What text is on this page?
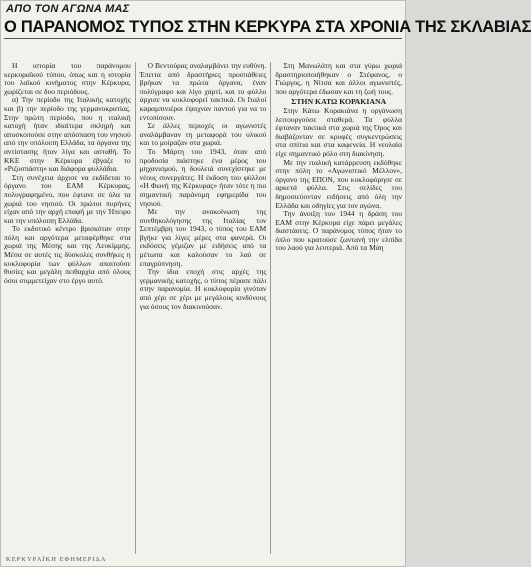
ΑΠΟ ΤΟΝ ΑΓΩΝΑ ΜΑΣ
Ο ΠΑΡΑΝΟΜΟΣ ΤΥΠΟΣ ΣΤΗΝ ΚΕΡΚΥΡΑ ΣΤΑ ΧΡΟΝΙΑ ΤΗΣ ΣΚΛΑΒΙΑΣ

Η ιστορία του παράνομου κερκυραϊκού τύπου, όπως και η ιστορία του λαϊκού κινήματος στην Κέρκυρα, χωρίζεται σε δυο περιόδους.

α) Την περίοδο της Ιταλικής κατοχής και β) την περίοδο της γερμανοκρατίας. Στην πρώτη περίοδο, που η ιταλική κατοχή ήταν ιδιαίτερα σκληρή και αποσκοπούσε στην απόσπαση του νησιού από την υπόλοιπη Ελλάδα, τα όργανα της αντίστασης ήταν λίγα και ασταθή. Το ΚΚΕ στην Κέρκυρα έβγαζε το «Ριζοσπάστη» και διάφορα φυλλάδια.

Στη συνέχεια άρχισε να εκδίδεται το όργανο του ΕΑΜ Κέρκυρας, πολυγραφημένο, που έφτανε σε όλα τα χωριά του νησιού. Οι πρώτοι πυρήνες είχαν από την αρχή επαφή με την Ήπειρο και την υπόλοιπη Ελλάδα.

Το εκδοτικό κέντρο βρισκόταν στην πόλη και αργότερα μεταφέρθηκε στα χωριά της Μέσης και της Λευκίμμης. Μέσα σε αυτές τις δύσκολες συνθήκες η κυκλοφορία των φύλλων απαιτούσε θυσίες και μεγάλη πειθαρχία από όλους όσοι συμμετείχαν στο έργο αυτό.

Ο Βεντούρας αναλαμβάνει την ευθύνη. Έπειτα από δραστήριες προσπάθειες βρήκαν τα πρώτα όργανα, έναν πολύγραφο και λίγο χαρτί, και το φύλλο άρχισε να κυκλοφορεί τακτικά. Οι Ιταλοί καραμπινιέροι έψαχναν παντού για να το εντοπίσουν.

Σε άλλες περιοχές οι αγωνιστές αναλάμβαναν τη μεταφορά του υλικού και το μοίραζαν στα χωριά.

Το Μάρτη του 1943, όταν από προδοσία πιάστηκε ένα μέρος του μηχανισμού, η δουλειά συνεχίστηκε με νέους συνεργάτες. Η έκδοση του φύλλου «Η Φωνή της Κέρκυρας» ήταν τότε η πιο σημαντική παράνομη εφημερίδα του νησιού.

Με την ανακοίνωση της συνθηκολόγησης της Ιταλίας τον Σεπτέμβρη του 1943, ο τύπος του ΕΑΜ βγήκε για λίγες μέρες στα φανερά. Οι εκδόσεις γέμιζαν με ειδήσεις από τα μέτωπα και καλούσαν το λαό σε επαγρύπνηση.

Την ίδια εποχή στις αρχές της γερμανικής κατοχής, ο τύπος πέρασε πάλι στην παρανομία. Η κυκλοφορία γινόταν από χέρι σε χέρι με μεγάλους κινδύνους για όσους τον διακινούσαν.

Στη Μανωλάτη και στα γύρω χωριά δραστηριοποιήθηκαν ο Στέφανος, ο Γιώργος, η Νίτσα και άλλοι αγωνιστές, που αργότερα έδωσαν και τη ζωή τους.

ΣΤΗΝ ΚΑΤΩ ΚΟΡΑΚΙΑΝΑ

Στην Κάτω Κορακιάνα η οργάνωση λειτουργούσε σταθερά. Τα φύλλα έφταναν τακτικά στα χωριά της Όρος και διαβάζονταν σε κρυφές συγκεντρώσεις στα σπίτια και στα καφενεία. Η νεολαία είχε σημαντικό ρόλο στη διακίνηση.

Με την ιταλική κατάρρευση εκδόθηκε στην πόλη το «Αγωνιστικό Μέλλον», όργανο της ΕΠΟΝ, που κυκλοφόρησε σε αρκετά φύλλα. Στις σελίδες του δημοσιεύονταν ειδήσεις από όλη την Ελλάδα και οδηγίες για τον αγώνα.

Την άνοιξη του 1944 η δράση του ΕΑΜ στην Κέρκυρα είχε πάρει μεγάλες διαστάσεις. Ο παράνομος τύπος ήταν το όπλο που κρατούσε ζωντανή την ελπίδα του λαού για λευτεριά. Από τα Μάη

ΚΕΡΚΥΡΑΪΚΗ ΕΦΗΜΕΡΙΔΑ
